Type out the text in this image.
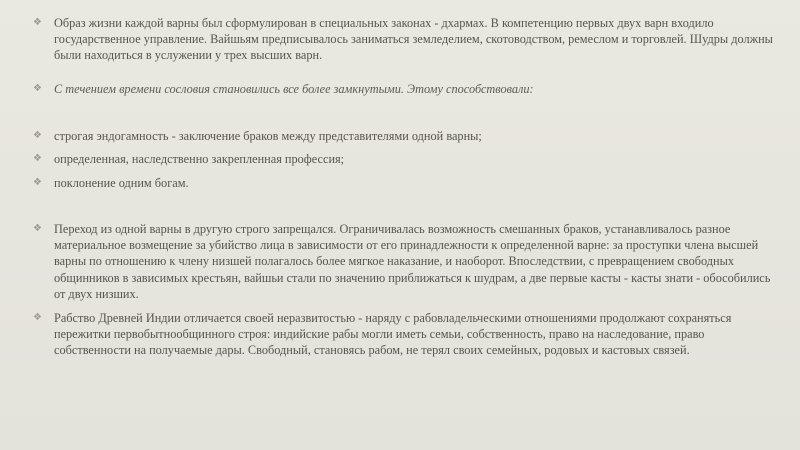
❖ Образ жизни каждой варны был сформулирован в специальных законах - дхармах. В компетенцию первых двух варн входило государственное управление. Вайшьям предписывалось заниматься земледелием, скотоводством, ремеслом и торговлей. Шудры должны были находиться в услужении у трех высших варн.
❖ С течением времени сословия становились все более замкнутыми. Этому способствовали:
❖ строгая эндогамность - заключение браков между представителями одной варны;
❖ определенная, наследственно закрепленная профессия;
❖ поклонение одним богам.
❖ Переход из одной варны в другую строго запрещался. Ограничивалась возможность смешанных браков, устанавливалось разное материальное возмещение за убийство лица в зависимости от его принадлежности к определенной варне: за проступки члена высшей варны по отношению к члену низшей полагалось более мягкое наказание, и наоборот. Впоследствии, с превращением свободных общинников в зависимых крестьян, вайшьи стали по значению приближаться к шудрам, а две первые касты - касты знати - обособились от двух низших.
❖ Рабство Древней Индии отличается своей неразвитостью - наряду с рабовладельческими отношениями продолжают сохраняться пережитки первобытнообщинного строя: индийские рабы могли иметь семьи, собственность, право на наследование, право собственности на получаемые дары. Свободный, становясь рабом, не терял своих семейных, родовых и кастовых связей.
